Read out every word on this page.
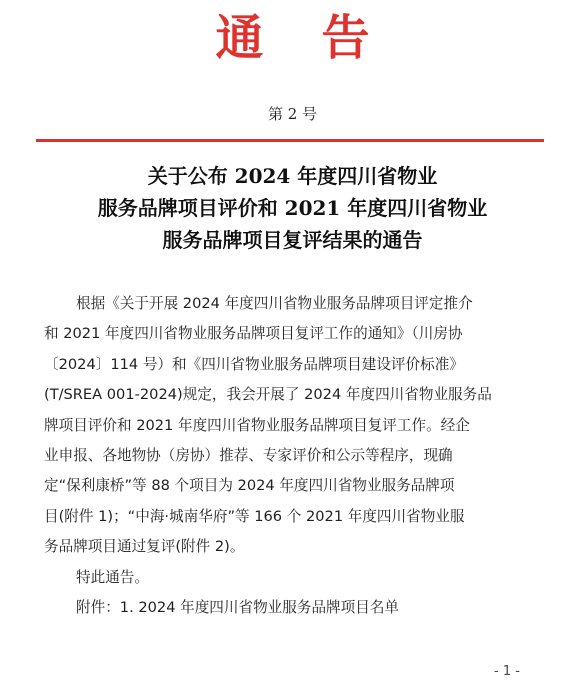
通告
第 2 号
关于公布 2024 年度四川省物业
服务品牌项目评价和 2021 年度四川省物业
服务品牌项目复评结果的通告
根据《关于开展 2024 年度四川省物业服务品牌项目评定推介
和 2021 年度四川省物业服务品牌项目复评工作的通知》（川房协
〔2024〕114 号）和《四川省物业服务品牌项目建设评价标准》
(T/SREA 001-2024)规定，我会开展了 2024 年度四川省物业服务品
牌项目评价和 2021 年度四川省物业服务品牌项目复评工作。经企
业申报、各地物协（房协）推荐、专家评价和公示等程序，现确
定“保利康桥”等 88 个项目为 2024 年度四川省物业服务品牌项
目(附件 1)；“中海·城南华府”等 166 个 2021 年度四川省物业服
务品牌项目通过复评(附件 2)。
特此通告。
附件：1. 2024 年度四川省物业服务品牌项目名单
- 1 -
